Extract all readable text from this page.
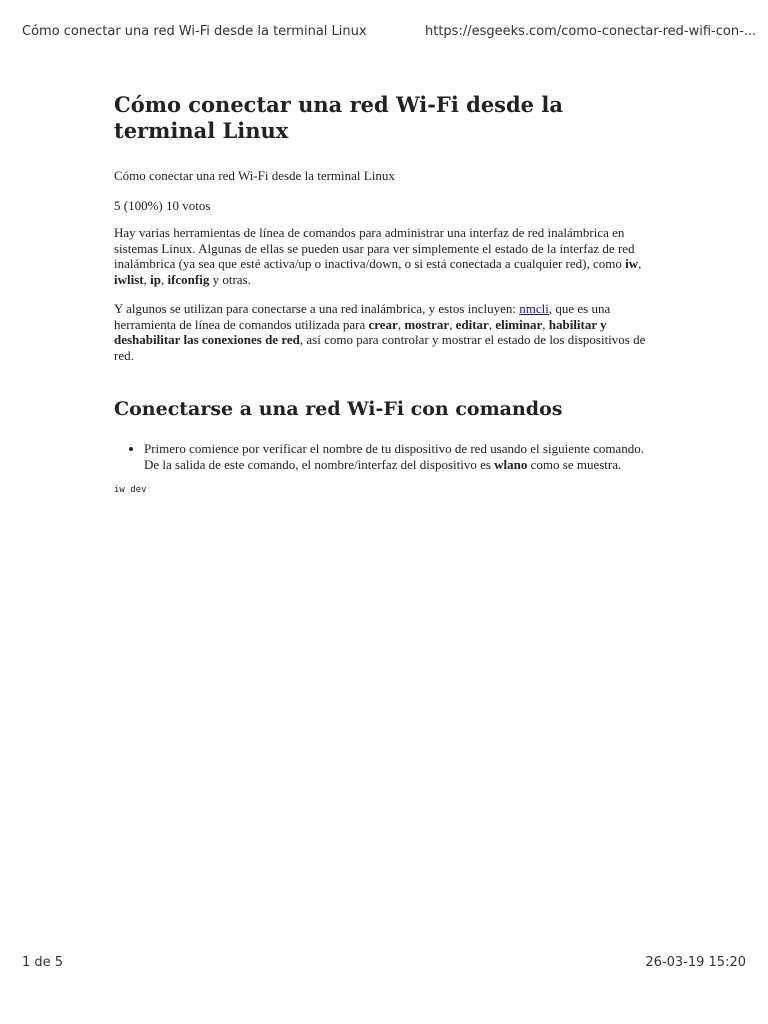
Cómo conectar una red Wi-Fi desde la terminal Linux	https://esgeeks.com/como-conectar-red-wifi-con-...
Cómo conectar una red Wi-Fi desde la terminal Linux

Cómo conectar una red Wi-Fi desde la terminal Linux

5 (100%) 10 votos

Hay varias herramientas de línea de comandos para administrar una interfaz de red inalámbrica en sistemas Linux. Algunas de ellas se pueden usar para ver simplemente el estado de la interfaz de red inalámbrica (ya sea que esté activa/up o inactiva/down, o si está conectada a cualquier red), como iw, iwlist, ip, ifconfig y otras.

Y algunos se utilizan para conectarse a una red inalámbrica, y estos incluyen: nmcli, que es una herramienta de línea de comandos utilizada para crear, mostrar, editar, eliminar, habilitar y deshabilitar las conexiones de red, así como para controlar y mostrar el estado de los dispositivos de red.

Conectarse a una red Wi-Fi con comandos
• Primero comience por verificar el nombre de tu dispositivo de red usando el siguiente comando. De la salida de este comando, el nombre/interfaz del dispositivo es wlano como se muestra.
iw dev
1 de 5	26-03-19 15:20
